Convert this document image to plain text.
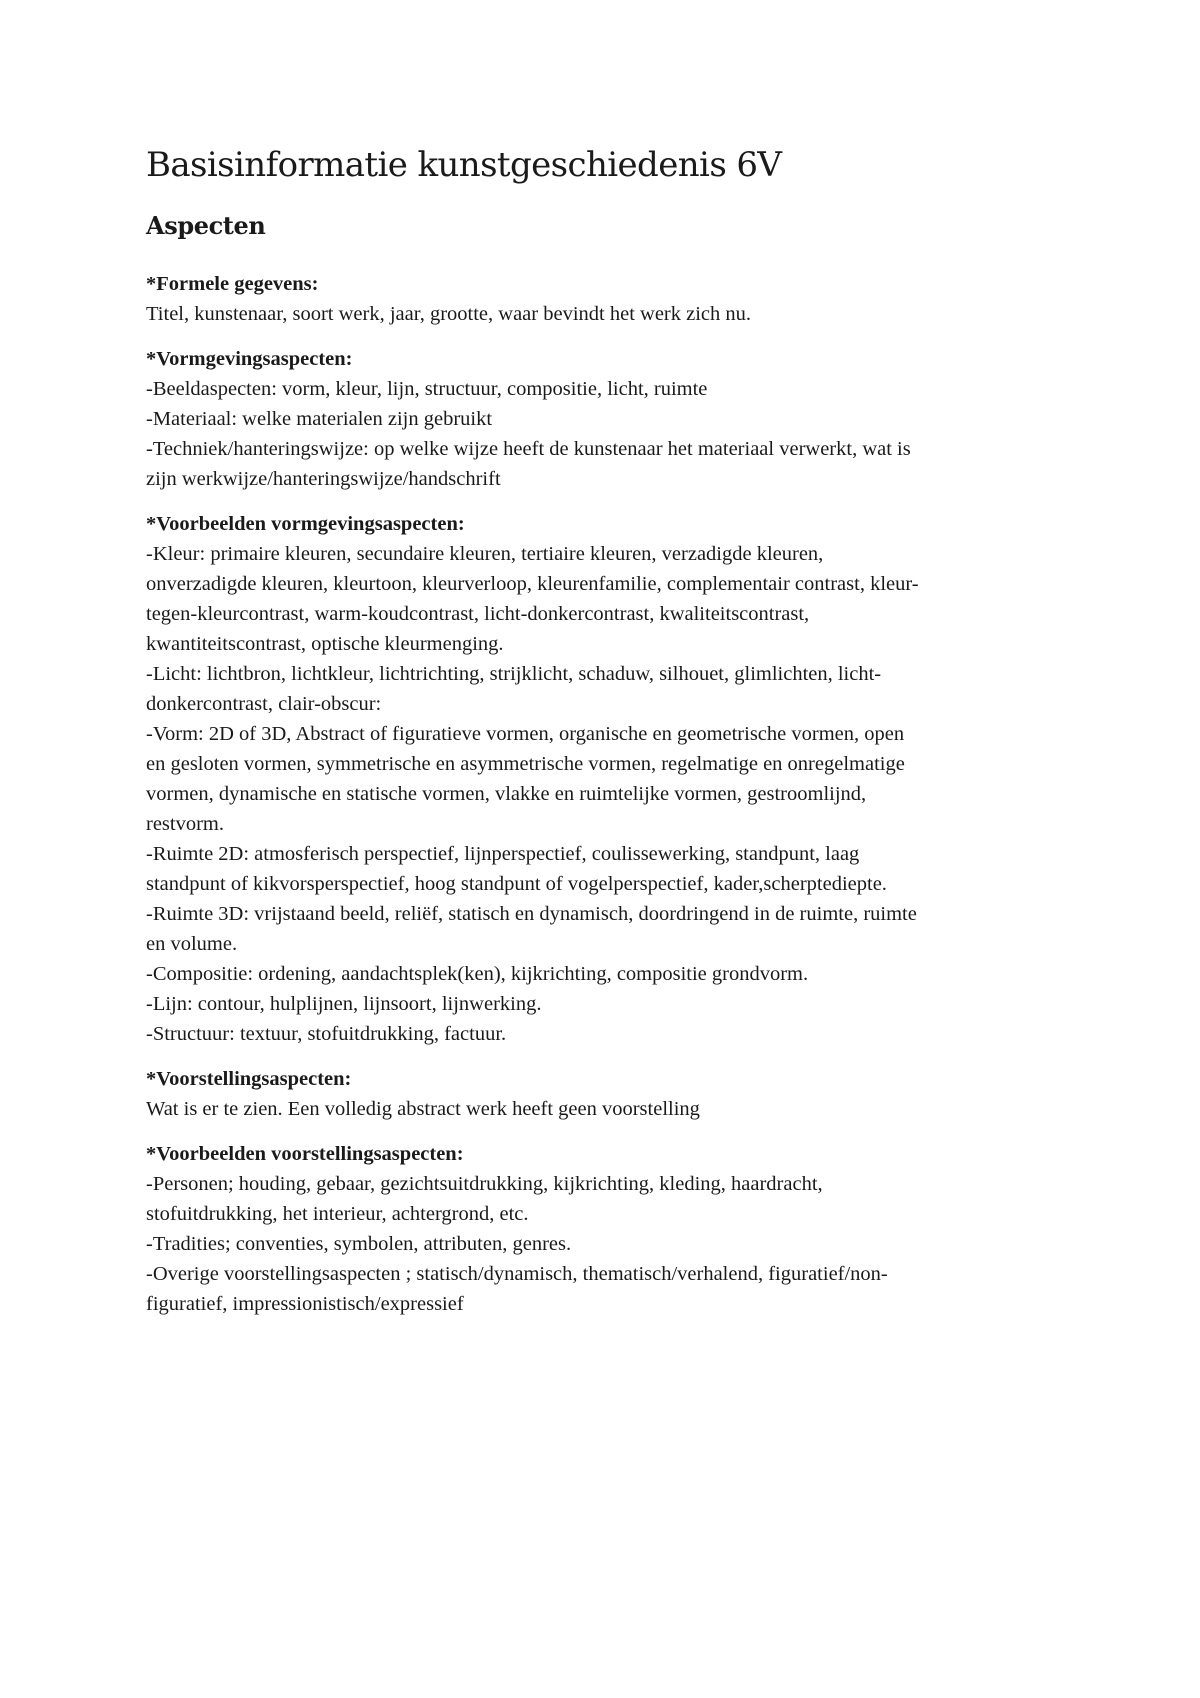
Basisinformatie kunstgeschiedenis 6V
Aspecten

*Formele gegevens:

Titel, kunstenaar, soort werk, jaar, grootte, waar bevindt het werk zich nu.

*Vormgevingsaspecten:

-Beeldaspecten: vorm, kleur, lijn, structuur, compositie, licht, ruimte

-Materiaal: welke materialen zijn gebruikt

-Techniek/hanteringswijze: op welke wijze heeft de kunstenaar het materiaal verwerkt, wat is

zijn werkwijze/hanteringswijze/handschrift

*Voorbeelden vormgevingsaspecten:

-Kleur: primaire kleuren, secundaire kleuren, tertiaire kleuren, verzadigde kleuren,

onverzadigde kleuren, kleurtoon, kleurverloop, kleurenfamilie, complementair contrast, kleur-

tegen-kleurcontrast, warm-koudcontrast, licht-donkercontrast, kwaliteitscontrast,

kwantiteitscontrast, optische kleurmenging.

-Licht: lichtbron, lichtkleur, lichtrichting, strijklicht, schaduw, silhouet, glimlichten, licht-

donkercontrast, clair-obscur:

-Vorm: 2D of 3D, Abstract of figuratieve vormen, organische en geometrische vormen, open

en gesloten vormen, symmetrische en asymmetrische vormen, regelmatige en onregelmatige

vormen, dynamische en statische vormen, vlakke en ruimtelijke vormen, gestroomlijnd,

restvorm.

-Ruimte 2D: atmosferisch perspectief, lijnperspectief, coulissewerking, standpunt, laag

standpunt of kikvorsperspectief, hoog standpunt of vogelperspectief, kader,scherptediepte.

-Ruimte 3D: vrijstaand beeld, reliëf, statisch en dynamisch, doordringend in de ruimte, ruimte

en volume.

-Compositie: ordening, aandachtsplek(ken), kijkrichting, compositie grondvorm.

-Lijn: contour, hulplijnen, lijnsoort, lijnwerking.

-Structuur: textuur, stofuitdrukking, factuur.

*Voorstellingsaspecten:

Wat is er te zien. Een volledig abstract werk heeft geen voorstelling

*Voorbeelden voorstellingsaspecten:

-Personen; houding, gebaar, gezichtsuitdrukking, kijkrichting, kleding, haardracht,

stofuitdrukking, het interieur, achtergrond, etc.

-Tradities; conventies, symbolen, attributen, genres.

-Overige voorstellingsaspecten ; statisch/dynamisch, thematisch/verhalend, figuratief/non-

figuratief, impressionistisch/expressief
